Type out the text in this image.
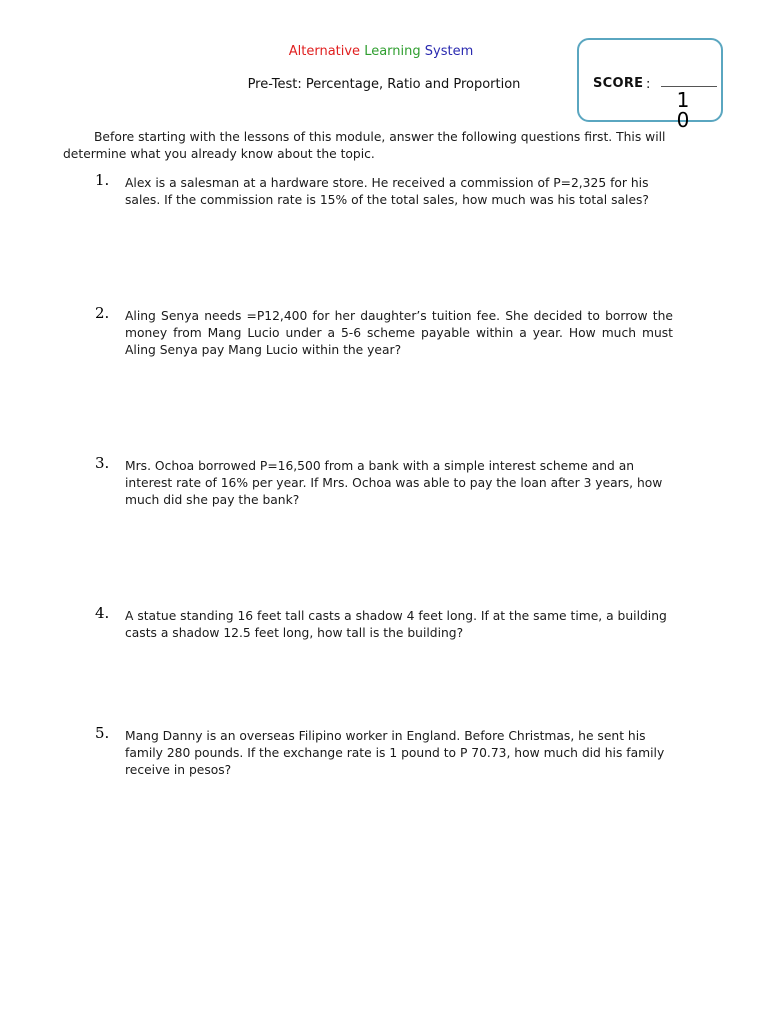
Alternative Learning System
Pre-Test: Percentage, Ratio and Proportion	SCORE :
10
Before starting with the lessons of this module, answer the following questions first. This will determine what you already know about the topic.
1. Alex is a salesman at a hardware store. He received a commission of P=2,325 for his sales. If the commission rate is 15% of the total sales, how much was his total sales?
2. Aling Senya needs =P12,400 for her daughter’s tuition fee. She decided to borrow the money from Mang Lucio under a 5-6 scheme payable within a year. How much must Aling Senya pay Mang Lucio within the year?
3. Mrs. Ochoa borrowed P=16,500 from a bank with a simple interest scheme and an interest rate of 16% per year. If Mrs. Ochoa was able to pay the loan after 3 years, how much did she pay the bank?
4. A statue standing 16 feet tall casts a shadow 4 feet long. If at the same time, a building casts a shadow 12.5 feet long, how tall is the building?
5. Mang Danny is an overseas Filipino worker in England. Before Christmas, he sent his family 280 pounds. If the exchange rate is 1 pound to P 70.73, how much did his family receive in pesos?
